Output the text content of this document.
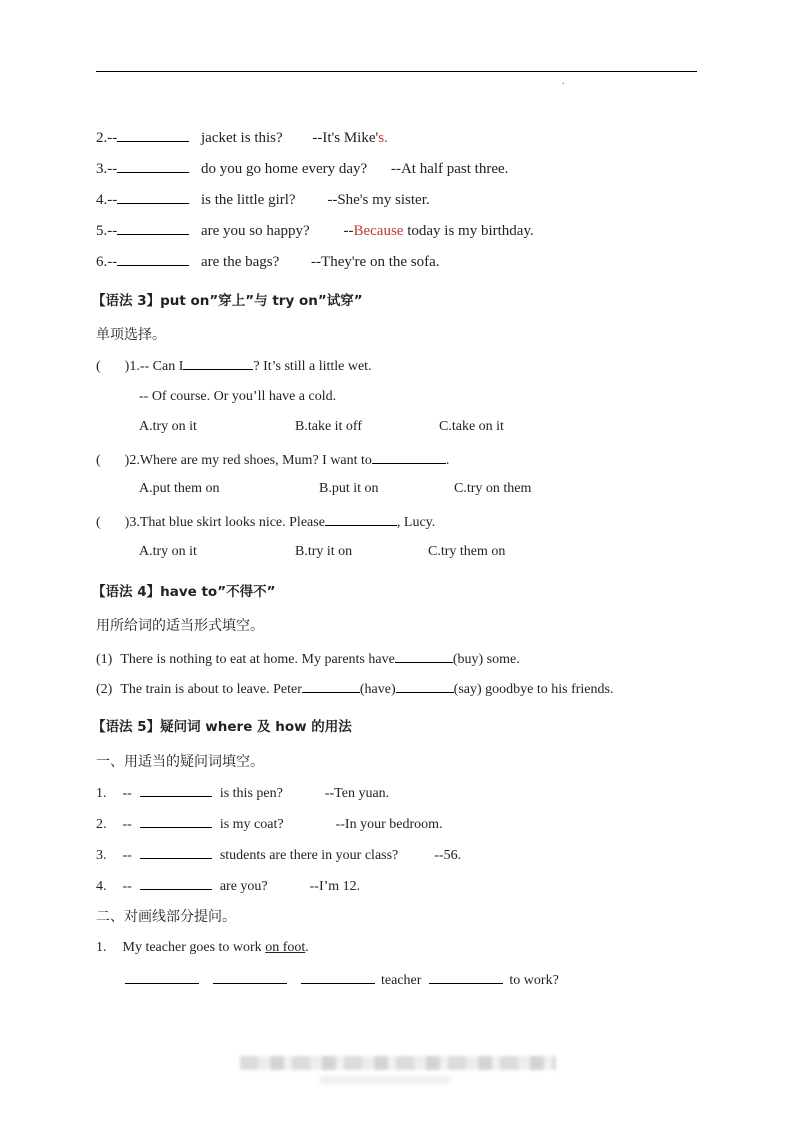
.
2.--	jacket is this? --It's Mike's.
3.--	do you go home every day? --At half past three.
4.--	is the little girl? --She's my sister.
5.--	are you so happy? --Because today is my birthday.
6.--	are the bags? --They're on the sofa.
【语法 3】put on”穿上”与 try on”试穿”
单项选择。
( )1.-- Can I	? It’s still a little wet.
-- Of course. Or you’ll have a cold.
A.try on it	B.take it off	C.take on it
( )2.Where are my red shoes, Mum? I want to	.
A.put them on	B.put it on	C.try on them
( )3.That blue skirt looks nice. Please	, Lucy.
A.try on it	B.try it on	C.try them on
【语法 4】have to”不得不”
用所给词的适当形式填空。
(1) There is nothing to eat at home. My parents have	(buy) some.
(2) The train is about to leave. Peter	(have)	(say) goodbye to his friends.
【语法 5】疑问词 where 及 how 的用法
一、用适当的疑问词填空。
1. --	is this pen?	--Ten yuan.
2. --	is my coat?	--In your bedroom.
3. --	students are there in your class?	--56.
4. --	are you?	--I’m 12.
二、对画线部分提问。
1. My teacher goes to work on foot.
teacher	to work?
